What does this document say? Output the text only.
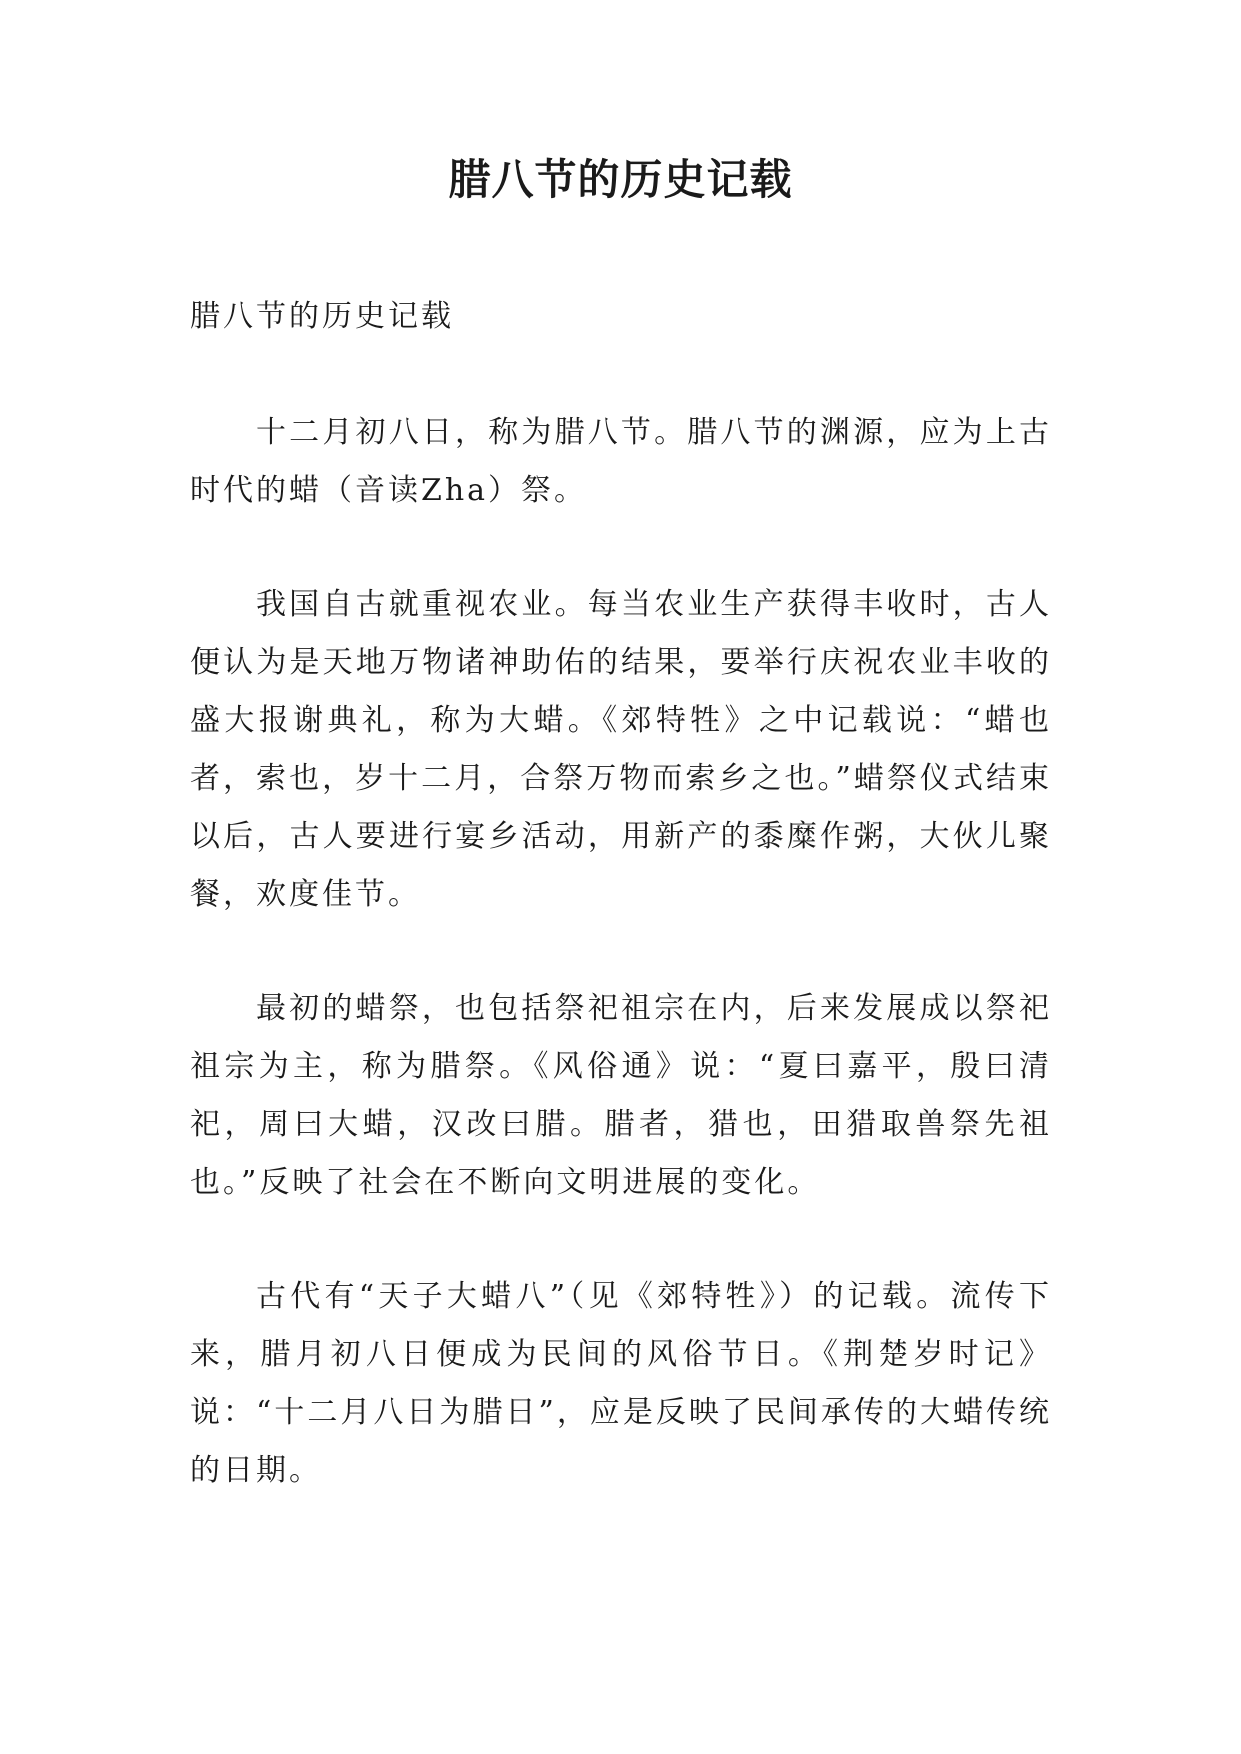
腊八节的历史记载

腊八节的历史记载

十二月初八日，称为腊八节。腊八节的渊源，应为上古时代的蜡（音读Zha）祭。

我国自古就重视农业。每当农业生产获得丰收时，古人便认为是天地万物诸神助佑的结果，要举行庆祝农业丰收的盛大报谢典礼，称为大蜡。《郊特牲》之中记载说：“蜡也者，索也，岁十二月，合祭万物而索乡之也。”蜡祭仪式结束以后，古人要进行宴乡活动，用新产的黍糜作粥，大伙儿聚餐，欢度佳节。

最初的蜡祭，也包括祭祀祖宗在内，后来发展成以祭祀祖宗为主，称为腊祭。《风俗通》说：“夏曰嘉平，殷曰清祀，周曰大蜡，汉改曰腊。腊者，猎也，田猎取兽祭先祖也。”反映了社会在不断向文明进展的变化。

古代有“天子大蜡八”（见《郊特牲》）的记载。流传下来，腊月初八日便成为民间的风俗节日。《荆楚岁时记》说：“十二月八日为腊日”，应是反映了民间承传的大蜡传统的日期。
